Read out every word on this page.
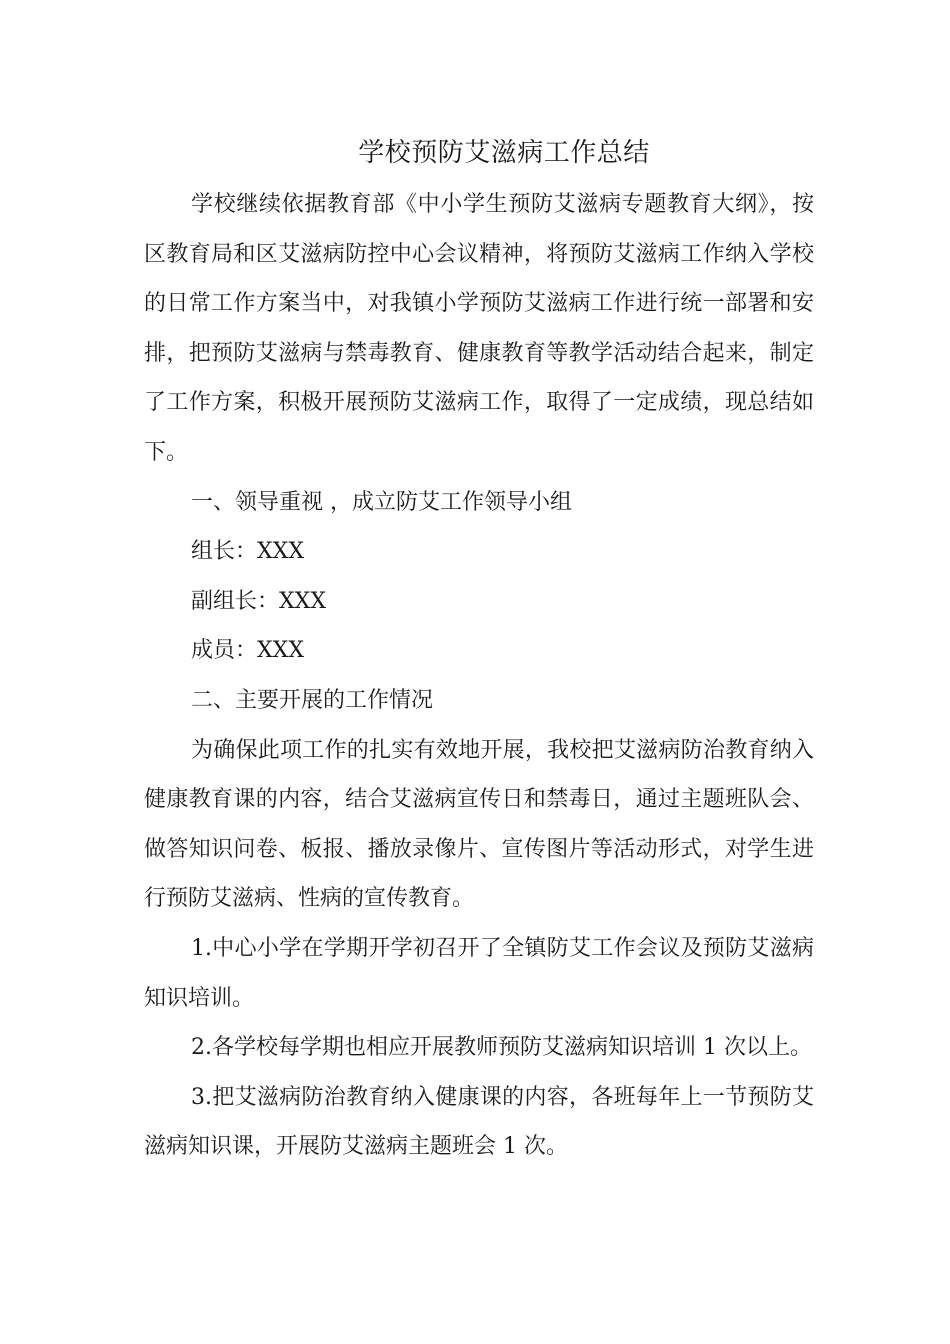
学校预防艾滋病工作总结

学校继续依据教育部《中小学生预防艾滋病专题教育大纲》，按区教育局和区艾滋病防控中心会议精神，将预防艾滋病工作纳入学校的日常工作方案当中，对我镇小学预防艾滋病工作进行统一部署和安排，把预防艾滋病与禁毒教育、健康教育等教学活动结合起来，制定了工作方案，积极开展预防艾滋病工作，取得了一定成绩，现总结如下。

一、领导重视 ，成立防艾工作领导小组

组长：XXX

副组长：XXX

成员：XXX

二、主要开展的工作情况

为确保此项工作的扎实有效地开展，我校把艾滋病防治教育纳入健康教育课的内容，结合艾滋病宣传日和禁毒日，通过主题班队会、做答知识问卷、板报、播放录像片、宣传图片等活动形式，对学生进行预防艾滋病、性病的宣传教育。

1.中心小学在学期开学初召开了全镇防艾工作会议及预防艾滋病知识培训。

2.各学校每学期也相应开展教师预防艾滋病知识培训 1 次以上。

3.把艾滋病防治教育纳入健康课的内容，各班每年上一节预防艾滋病知识课，开展防艾滋病主题班会 1 次。
